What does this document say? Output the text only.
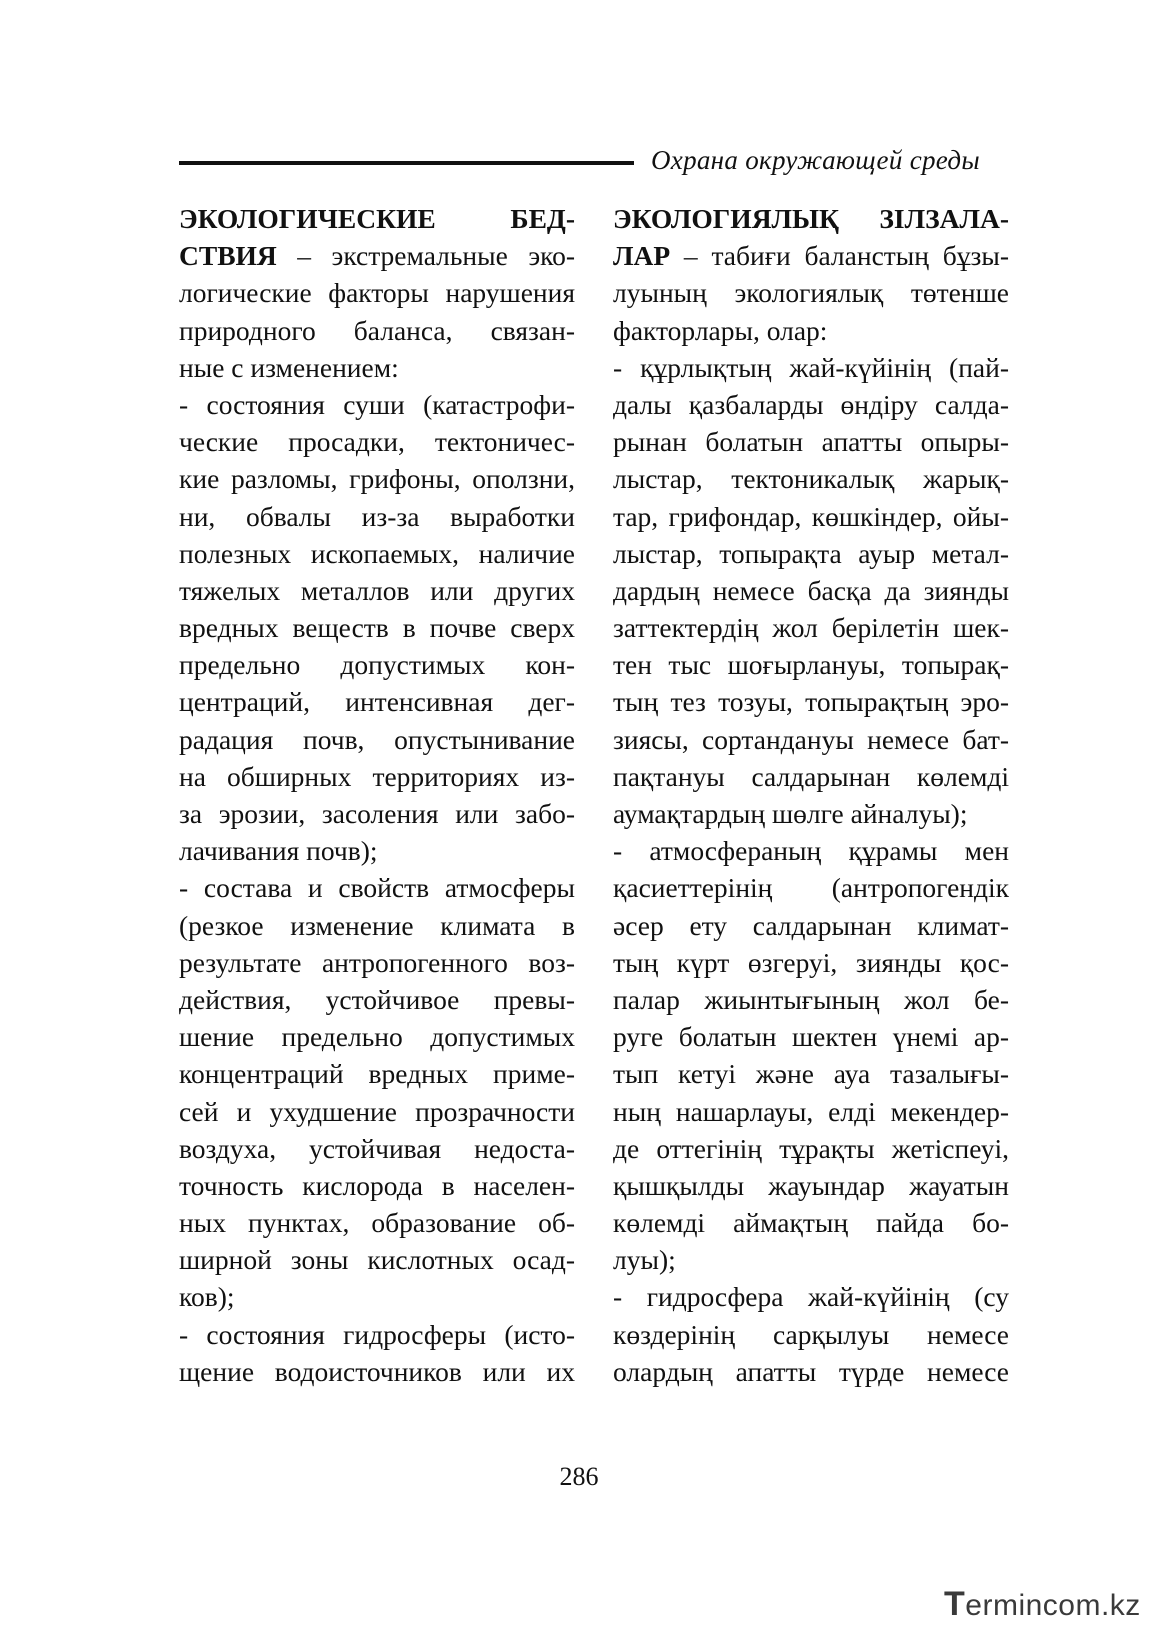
Охрана окружающей среды
ЭКОЛОГИЧЕСКИЕ БЕД-
СТВИЯ – экстремальные эко-
логические факторы нарушения
природного баланса, связан-
ные с изменением:
- состояния суши (катастрофи-
ческие просадки, тектоничес-
кие разломы, грифоны, оползни,
ни, обвалы из-за выработки
полезных ископаемых, наличие
тяжелых металлов или других
вредных веществ в почве сверх
предельно допустимых кон-
центраций, интенсивная дег-
радация почв, опустынивание
на обширных территориях из-
за эрозии, засоления или забо-
лачивания почв);
- состава и свойств атмосферы
(резкое изменение климата в
результате антропогенного воз-
действия, устойчивое превы-
шение предельно допустимых
концентраций вредных приме-
сей и ухудшение прозрачности
воздуха, устойчивая недоста-
точность кислорода в населен-
ных пунктах, образование об-
ширной зоны кислотных осад-
ков);
- состояния гидросферы (исто-
щение водоисточников или их
ЭКОЛОГИЯЛЫҚ ЗІЛЗАЛА-
ЛАР – табиғи баланстың бұзы-
луының экологиялық төтенше
факторлары, олар:
- құрлықтың жай-күйінің (пай-
далы қазбаларды өндіру салда-
рынан болатын апатты опыры-
лыстар, тектоникалық жарық-
тар, грифондар, көшкіндер, ойы-
лыстар, топырақта ауыр метал-
дардың немесе басқа да зиянды
заттектердің жол берілетін шек-
тен тыс шоғырлануы, топырақ-
тың тез тозуы, топырақтың эро-
зиясы, сортандануы немесе бат-
пақтануы салдарынан көлемді
аумақтардың шөлге айналуы);
- атмосфераның құрамы мен
қасиеттерінің (антропогендік
әсер ету салдарынан климат-
тың күрт өзгеруі, зиянды қос-
палар жиынтығының жол бе-
руге болатын шектен үнемі ар-
тып кетуі және ауа тазалығы-
ның нашарлауы, елді мекендер-
де оттегінің тұрақты жетіспеуі,
қышқылды жауындар жауатын
көлемді аймақтың пайда бо-
луы);
- гидросфера жай-күйінің (су
көздерінің сарқылуы немесе
олардың апатты түрде немесе
286
Termincom.kz
